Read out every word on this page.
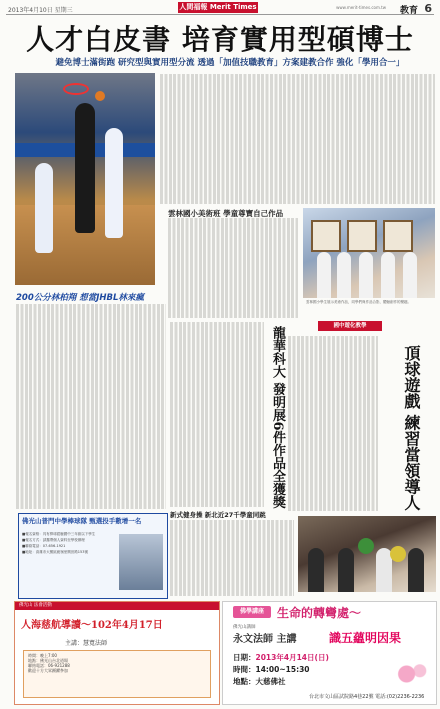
2013年4月10日 星期三	人間福報 Merit Times	www.merit-times.com.tw 教育 6
人才白皮書 培育實用型碩博士
避免博士滿街跑 研究型與實用型分流 透過「加值技職教育」方案建教合作 強化「學用合一」
200公分林柏翔 想當JHBL林來瘋
雲林國小美術班 學童尊寶自己作品
雲林國小學生展示美術作品，同學們與作品合影，體驗創作的樂趣。
國中遊化教學
龍華科大 發明展6件作品全獲獎	頂球遊戲 練習當領導人
佛光山普門中學棒球隊 甄選投手數增一名
■報名資格：具有棒球經驗國中三年級以下學生
■報名方式：請攜帶個人資料至學校辦理
■聯絡電話：07-656-1921
■地址：高雄市大樹區統嶺里興田路153號
新式健身操 新北近27千學童同跳
佛光山 法會活動
人海慈航導讀～102年4月17日
主講：慧寬法師
時間：晚上7:00
地點：佛光山台北道場
聯絡電話：06-921288
歡迎十方大眾踴躍參加
佛學講座	生命的轉彎處～
佛光山講師
永文法師 主講	識五蘊明因果
日期：2013年4月14日(日)
時間：14:00~15:30
地點：大慈佛社
台北市文山區試院路4巷22號 電話:(02)2236-2236
